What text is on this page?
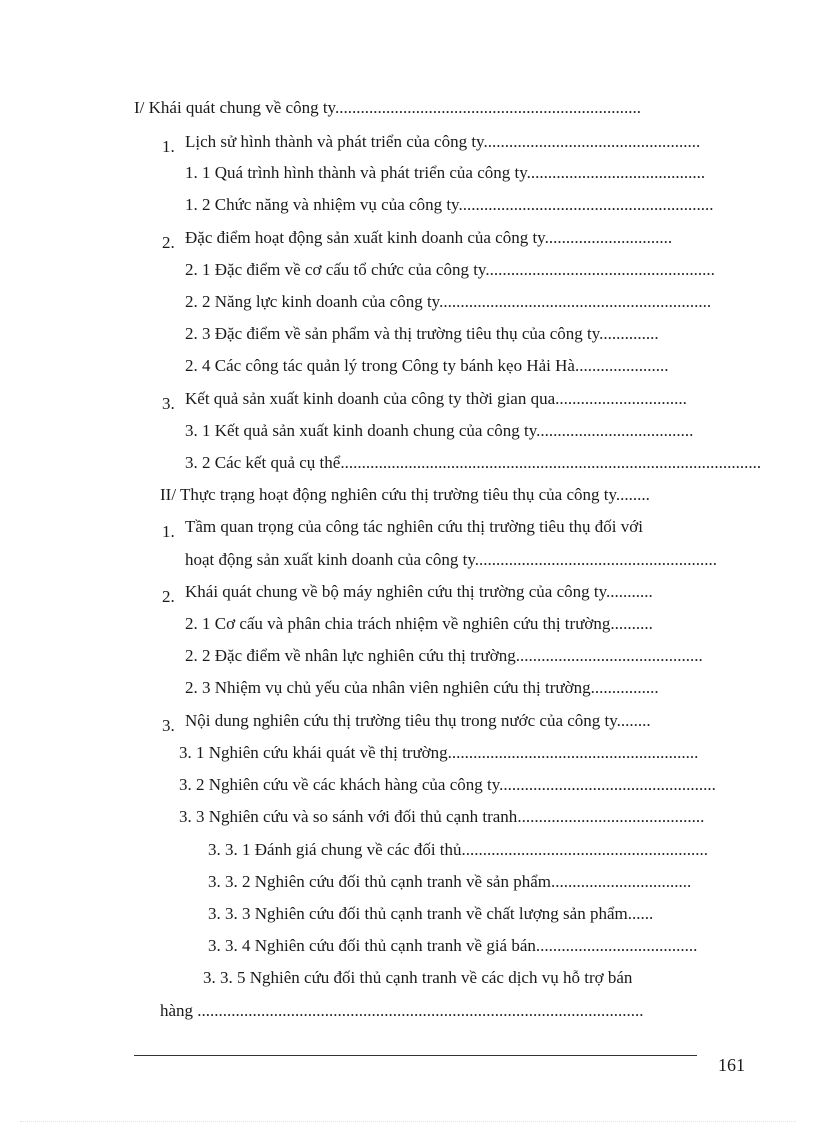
I/ Khái quát chung về công ty........................................................................
1. Lịch sử hình thành và phát triển của công ty...................................................
1. 1 Quá trình hình thành và phát triển của công ty..........................................
1. 2 Chức năng và nhiệm vụ của công ty............................................................
2. Đặc điểm hoạt động sản xuất kinh doanh của công ty..............................
2. 1 Đặc điểm về cơ cấu tổ chức của công ty......................................................
2. 2 Năng lực kinh doanh của công ty................................................................
2. 3 Đặc điểm về sản phẩm và thị trường tiêu thụ của công ty..............
2. 4 Các công tác quản lý trong Công ty bánh kẹo Hải Hà......................
3. Kết quả sản xuất kinh doanh của công ty thời gian qua...............................
3. 1 Kết quả sản xuất kinh doanh chung của công ty.....................................
3. 2 Các kết quả cụ thể...................................................................................................
II/ Thực trạng hoạt động nghiên cứu thị trường tiêu thụ của công ty........
1. Tầm quan trọng của công tác nghiên cứu thị trường tiêu thụ đối với
hoạt động sản xuất kinh doanh của công ty.........................................................
2. Khái quát chung về bộ máy nghiên cứu thị trường của công ty...........
2. 1 Cơ cấu và phân chia trách nhiệm về nghiên cứu thị trường..........
2. 2 Đặc điểm về nhân lực nghiên cứu thị trường............................................
2. 3 Nhiệm vụ chủ yếu của nhân viên nghiên cứu thị trường................
3. Nội dung nghiên cứu thị trường tiêu thụ trong nước của công ty........
3. 1 Nghiên cứu khái quát về thị trường...........................................................
3. 2 Nghiên cứu về các khách hàng của công ty...................................................
3. 3 Nghiên cứu và so sánh với đối thủ cạnh tranh............................................
3. 3. 1 Đánh giá chung về các đối thủ..........................................................
3. 3. 2 Nghiên cứu đối thủ cạnh tranh về sản phẩm.................................
3. 3. 3 Nghiên cứu đối thủ cạnh tranh về chất lượng sản phẩm......
3. 3. 4 Nghiên cứu đối thủ cạnh tranh về giá bán......................................
3. 3. 5 Nghiên cứu đối thủ cạnh tranh về các dịch vụ hỗ trợ bán
hàng .........................................................................................................
161
